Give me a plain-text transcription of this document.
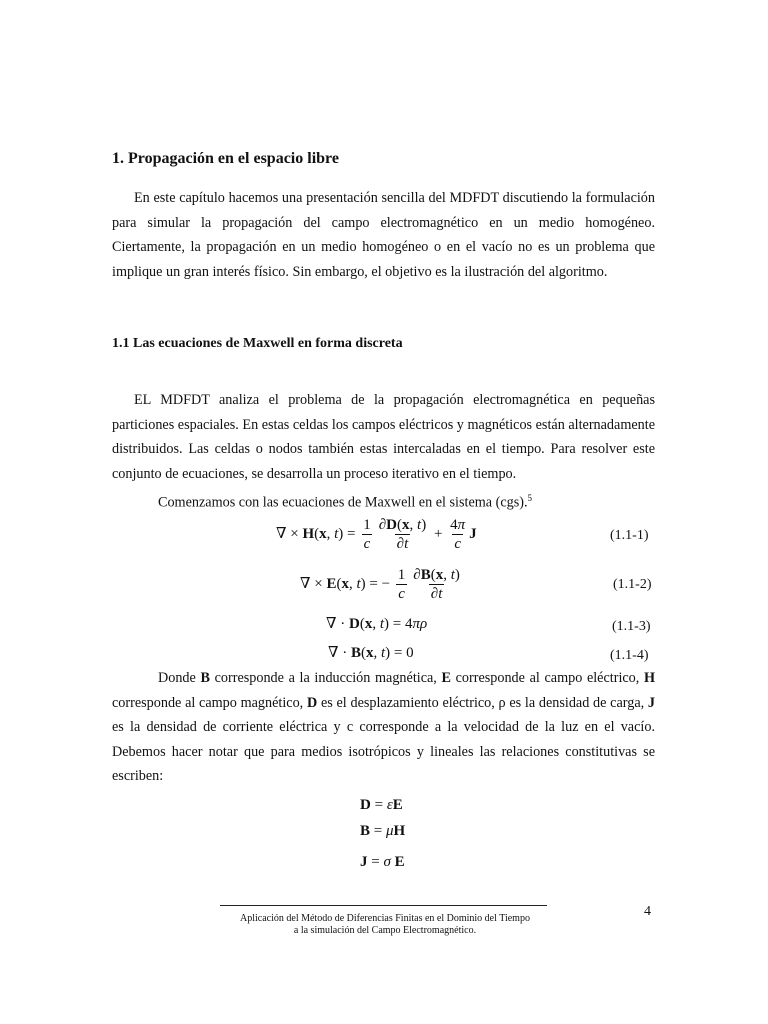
1. Propagación en el espacio libre

En este capítulo hacemos una presentación sencilla del MDFDT discutiendo la formulación para simular la propagación del campo electromagnético en un medio homogéneo. Ciertamente, la propagación en un medio homogéneo o en el vacío no es un problema que implique un gran interés físico. Sin embargo, el objetivo es la ilustración del algoritmo.

1.1 Las ecuaciones de Maxwell en forma discreta

EL MDFDT analiza el problema de la propagación electromagnética en pequeñas particiones espaciales. En estas celdas los campos eléctricos y magnéticos están alternadamente distribuidos. Las celdas o nodos también estas intercaladas en el tiempo. Para resolver este conjunto de ecuaciones, se desarrolla un proceso iterativo en el tiempo.
Comenzamos con las ecuaciones de Maxwell en el sistema (cgs).$^5$

∇ × H(x, $t) = \frac{1}{c} \frac{\partial D(x, t)}{\partial t} + \frac{4\pi}{c}$ J	(1.1-1)
∇ × E(x, t) = − $\frac{1}{c} \frac{\partial B(x, t)}{\partial t}$	(1.1-2)
∇ · D(x, t) = 4πρ	(1.1-3)
∇ · B(x, t) = 0	(1.1-4)

Donde B corresponde a la inducción magnética, E corresponde al campo eléctrico, H corresponde al campo magnético, D es el desplazamiento eléctrico, ρ es la densidad de carga, J es la densidad de corriente eléctrica y c corresponde a la velocidad de la luz en el vacío. Debemos hacer notar que para medios isotrópicos y lineales las relaciones constitutivas se escriben:

D = εE
B = μH
J = σ E
Aplicación del Método de Diferencias Finitas en el Dominio del Tiempo
a la simulación del Campo Electromagnético.
4
